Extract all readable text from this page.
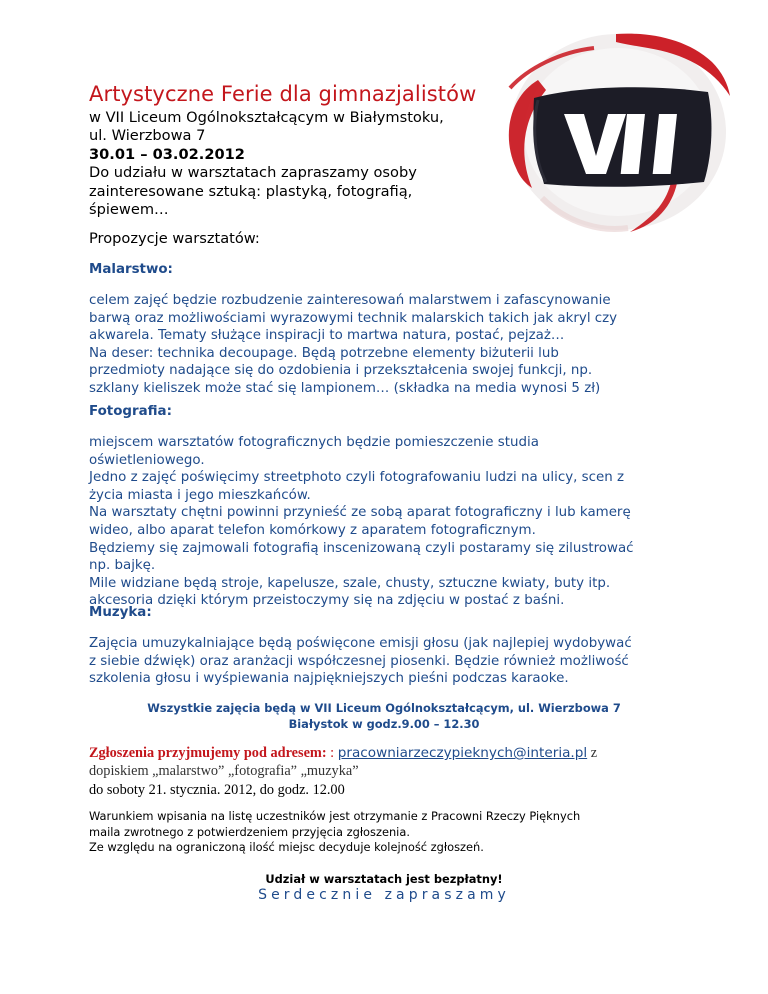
Artystyczne Ferie dla gimnazjalistów
w VII Liceum Ogólnokształcącym w Białymstoku,
ul. Wierzbowa 7
30.01 – 03.02.2012
Do udziału w warsztatach zapraszamy osoby
zainteresowane sztuką: plastyką, fotografią,
śpiewem…
Propozycje warsztatów:
Malarstwo:
celem zajęć będzie rozbudzenie zainteresowań malarstwem i zafascynowanie
barwą oraz możliwościami wyrazowymi technik malarskich takich jak akryl czy
akwarela. Tematy służące inspiracji to martwa natura, postać, pejzaż…
Na deser: technika decoupage. Będą potrzebne elementy biżuterii lub
przedmioty nadające się do ozdobienia i przekształcenia swojej funkcji, np.
szklany kieliszek może stać się lampionem… (składka na media wynosi 5 zł)
Fotografia:
miejscem warsztatów fotograficznych będzie pomieszczenie studia
oświetleniowego.
Jedno z zajęć poświęcimy streetphoto czyli fotografowaniu ludzi na ulicy, scen z
życia miasta i jego mieszkańców.
Na warsztaty chętni powinni przynieść ze sobą aparat fotograficzny i lub kamerę
wideo, albo aparat telefon komórkowy z aparatem fotograficznym.
Będziemy się zajmowali fotografią inscenizowaną czyli postaramy się zilustrować
np. bajkę.
Mile widziane będą stroje, kapelusze, szale, chusty, sztuczne kwiaty, buty itp.
akcesoria dzięki którym przeistoczymy się na zdjęciu w postać z baśni.
Muzyka:
Zajęcia umuzykalniające będą poświęcone emisji głosu (jak najlepiej wydobywać
z siebie dźwięk) oraz aranżacji współczesnej piosenki. Będzie również możliwość
szkolenia głosu i wyśpiewania najpiękniejszych pieśni podczas karaoke.
Wszystkie zajęcia będą w VII Liceum Ogólnokształcącym, ul. Wierzbowa 7
Białystok w godz.9.00 – 12.30
Zgłoszenia przyjmujemy pod adresem: : pracowniarzeczypieknych@interia.pl z
dopiskiem „malarstwo” „fotografia” „muzyka”
do soboty 21. stycznia. 2012, do godz. 12.00
Warunkiem wpisania na listę uczestników jest otrzymanie z Pracowni Rzeczy Pięknych
maila zwrotnego z potwierdzeniem przyjęcia zgłoszenia.
Ze względu na ograniczoną ilość miejsc decyduje kolejność zgłoszeń.
Udział w warsztatach jest bezpłatny!
Serdecznie zapraszamy
